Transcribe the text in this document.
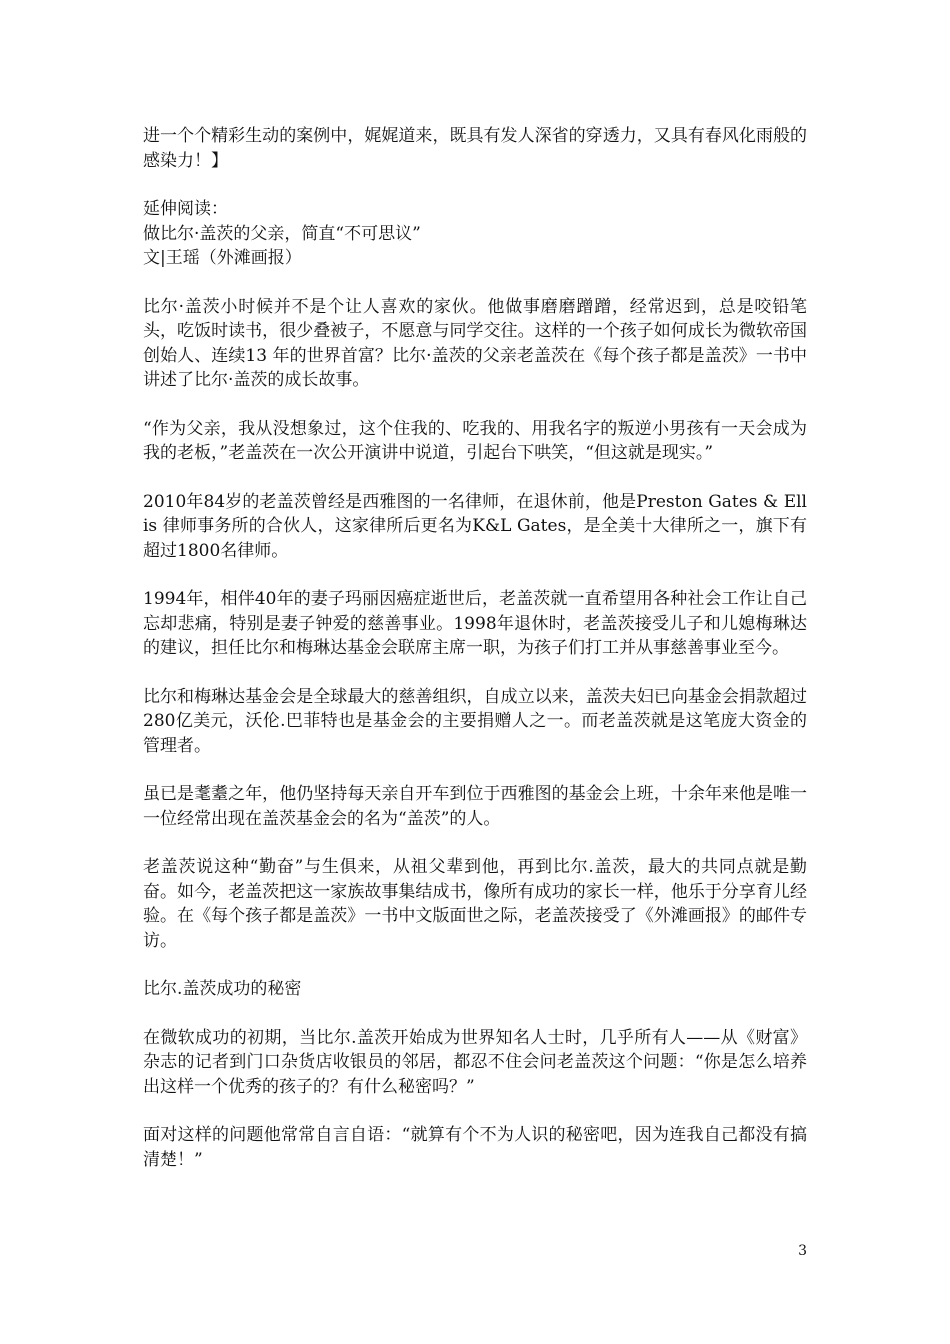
进一个个精彩生动的案例中，娓娓道来，既具有发人深省的穿透力，又具有春风化雨般的感染力！】

延伸阅读：

做比尔·盖茨的父亲，简直“不可思议”

文|王瑶（外滩画报）

比尔·盖茨小时候并不是个让人喜欢的家伙。他做事磨磨蹭蹭，经常迟到，总是咬铅笔头，吃饭时读书，很少叠被子，不愿意与同学交往。这样的一个孩子如何成长为微软帝国创始人、连续13 年的世界首富？比尔·盖茨的父亲老盖茨在《每个孩子都是盖茨》一书中讲述了比尔·盖茨的成长故事。

“作为父亲，我从没想象过，这个住我的、吃我的、用我名字的叛逆小男孩有一天会成为我的老板，”老盖茨在一次公开演讲中说道，引起台下哄笑，“但这就是现实。”

2010年84岁的老盖茨曾经是西雅图的一名律师，在退休前，他是Preston Gates & Ellis 律师事务所的合伙人，这家律所后更名为K&L Gates，是全美十大律所之一，旗下有超过1800名律师。

1994年，相伴40年的妻子玛丽因癌症逝世后，老盖茨就一直希望用各种社会工作让自己忘却悲痛，特别是妻子钟爱的慈善事业。1998年退休时，老盖茨接受儿子和儿媳梅琳达的建议，担任比尔和梅琳达基金会联席主席一职，为孩子们打工并从事慈善事业至今。

比尔和梅琳达基金会是全球最大的慈善组织，自成立以来，盖茨夫妇已向基金会捐款超过280亿美元，沃伦.巴菲特也是基金会的主要捐赠人之一。而老盖茨就是这笔庞大资金的管理者。

虽已是耄耋之年，他仍坚持每天亲自开车到位于西雅图的基金会上班，十余年来他是唯一一位经常出现在盖茨基金会的名为“盖茨”的人。

老盖茨说这种“勤奋”与生俱来，从祖父辈到他，再到比尔.盖茨，最大的共同点就是勤奋。如今，老盖茨把这一家族故事集结成书，像所有成功的家长一样，他乐于分享育儿经验。在《每个孩子都是盖茨》一书中文版面世之际，老盖茨接受了《外滩画报》的邮件专访。

比尔.盖茨成功的秘密

在微软成功的初期，当比尔.盖茨开始成为世界知名人士时，几乎所有人——从《财富》杂志的记者到门口杂货店收银员的邻居，都忍不住会问老盖茨这个问题：“你是怎么培养出这样一个优秀的孩子的？有什么秘密吗？”

面对这样的问题他常常自言自语：“就算有个不为人识的秘密吧，因为连我自己都没有搞清楚！”

3
